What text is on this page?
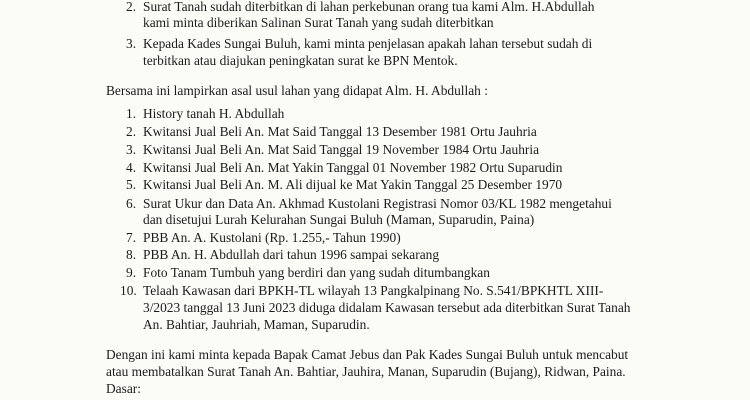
2. Surat Tanah sudah diterbitkan di lahan perkebunan orang tua kami Alm. H.Abdullah
kami minta diberikan Salinan Surat Tanah yang sudah diterbitkan
3. Kepada Kades Sungai Buluh, kami minta penjelasan apakah lahan tersebut sudah di
terbitkan atau diajukan peningkatan surat ke BPN Mentok.
Bersama ini lampirkan asal usul lahan yang didapat Alm. H. Abdullah :
1. History tanah H. Abdullah
2. Kwitansi Jual Beli An. Mat Said Tanggal 13 Desember 1981 Ortu Jauhria
3. Kwitansi Jual Beli An. Mat Said Tanggal 19 November 1984 Ortu Jauhria
4. Kwitansi Jual Beli An. Mat Yakin Tanggal 01 November 1982 Ortu Suparudin
5. Kwitansi Jual Beli An. M. Ali dijual ke Mat Yakin Tanggal 25 Desember 1970
6. Surat Ukur dan Data An. Akhmad Kustolani Registrasi Nomor 03/KL 1982 mengetahui
dan disetujui Lurah Kelurahan Sungai Buluh (Maman, Suparudin, Paina)
7. PBB An. A. Kustolani (Rp. 1.255,- Tahun 1990)
8. PBB An. H. Abdullah dari tahun 1996 sampai sekarang
9. Foto Tanam Tumbuh yang berdiri dan yang sudah ditumbangkan
10. Telaah Kawasan dari BPKH-TL wilayah 13 Pangkalpinang No. S.541/BPKHTL XIII-
3/2023 tanggal 13 Juni 2023 diduga didalam Kawasan tersebut ada diterbitkan Surat Tanah
An. Bahtiar, Jauhriah, Maman, Suparudin.
Dengan ini kami minta kepada Bapak Camat Jebus dan Pak Kades Sungai Buluh untuk mencabut
atau membatalkan Surat Tanah An. Bahtiar, Jauhira, Manan, Suparudin (Bujang), Ridwan, Paina.
Dasar:
